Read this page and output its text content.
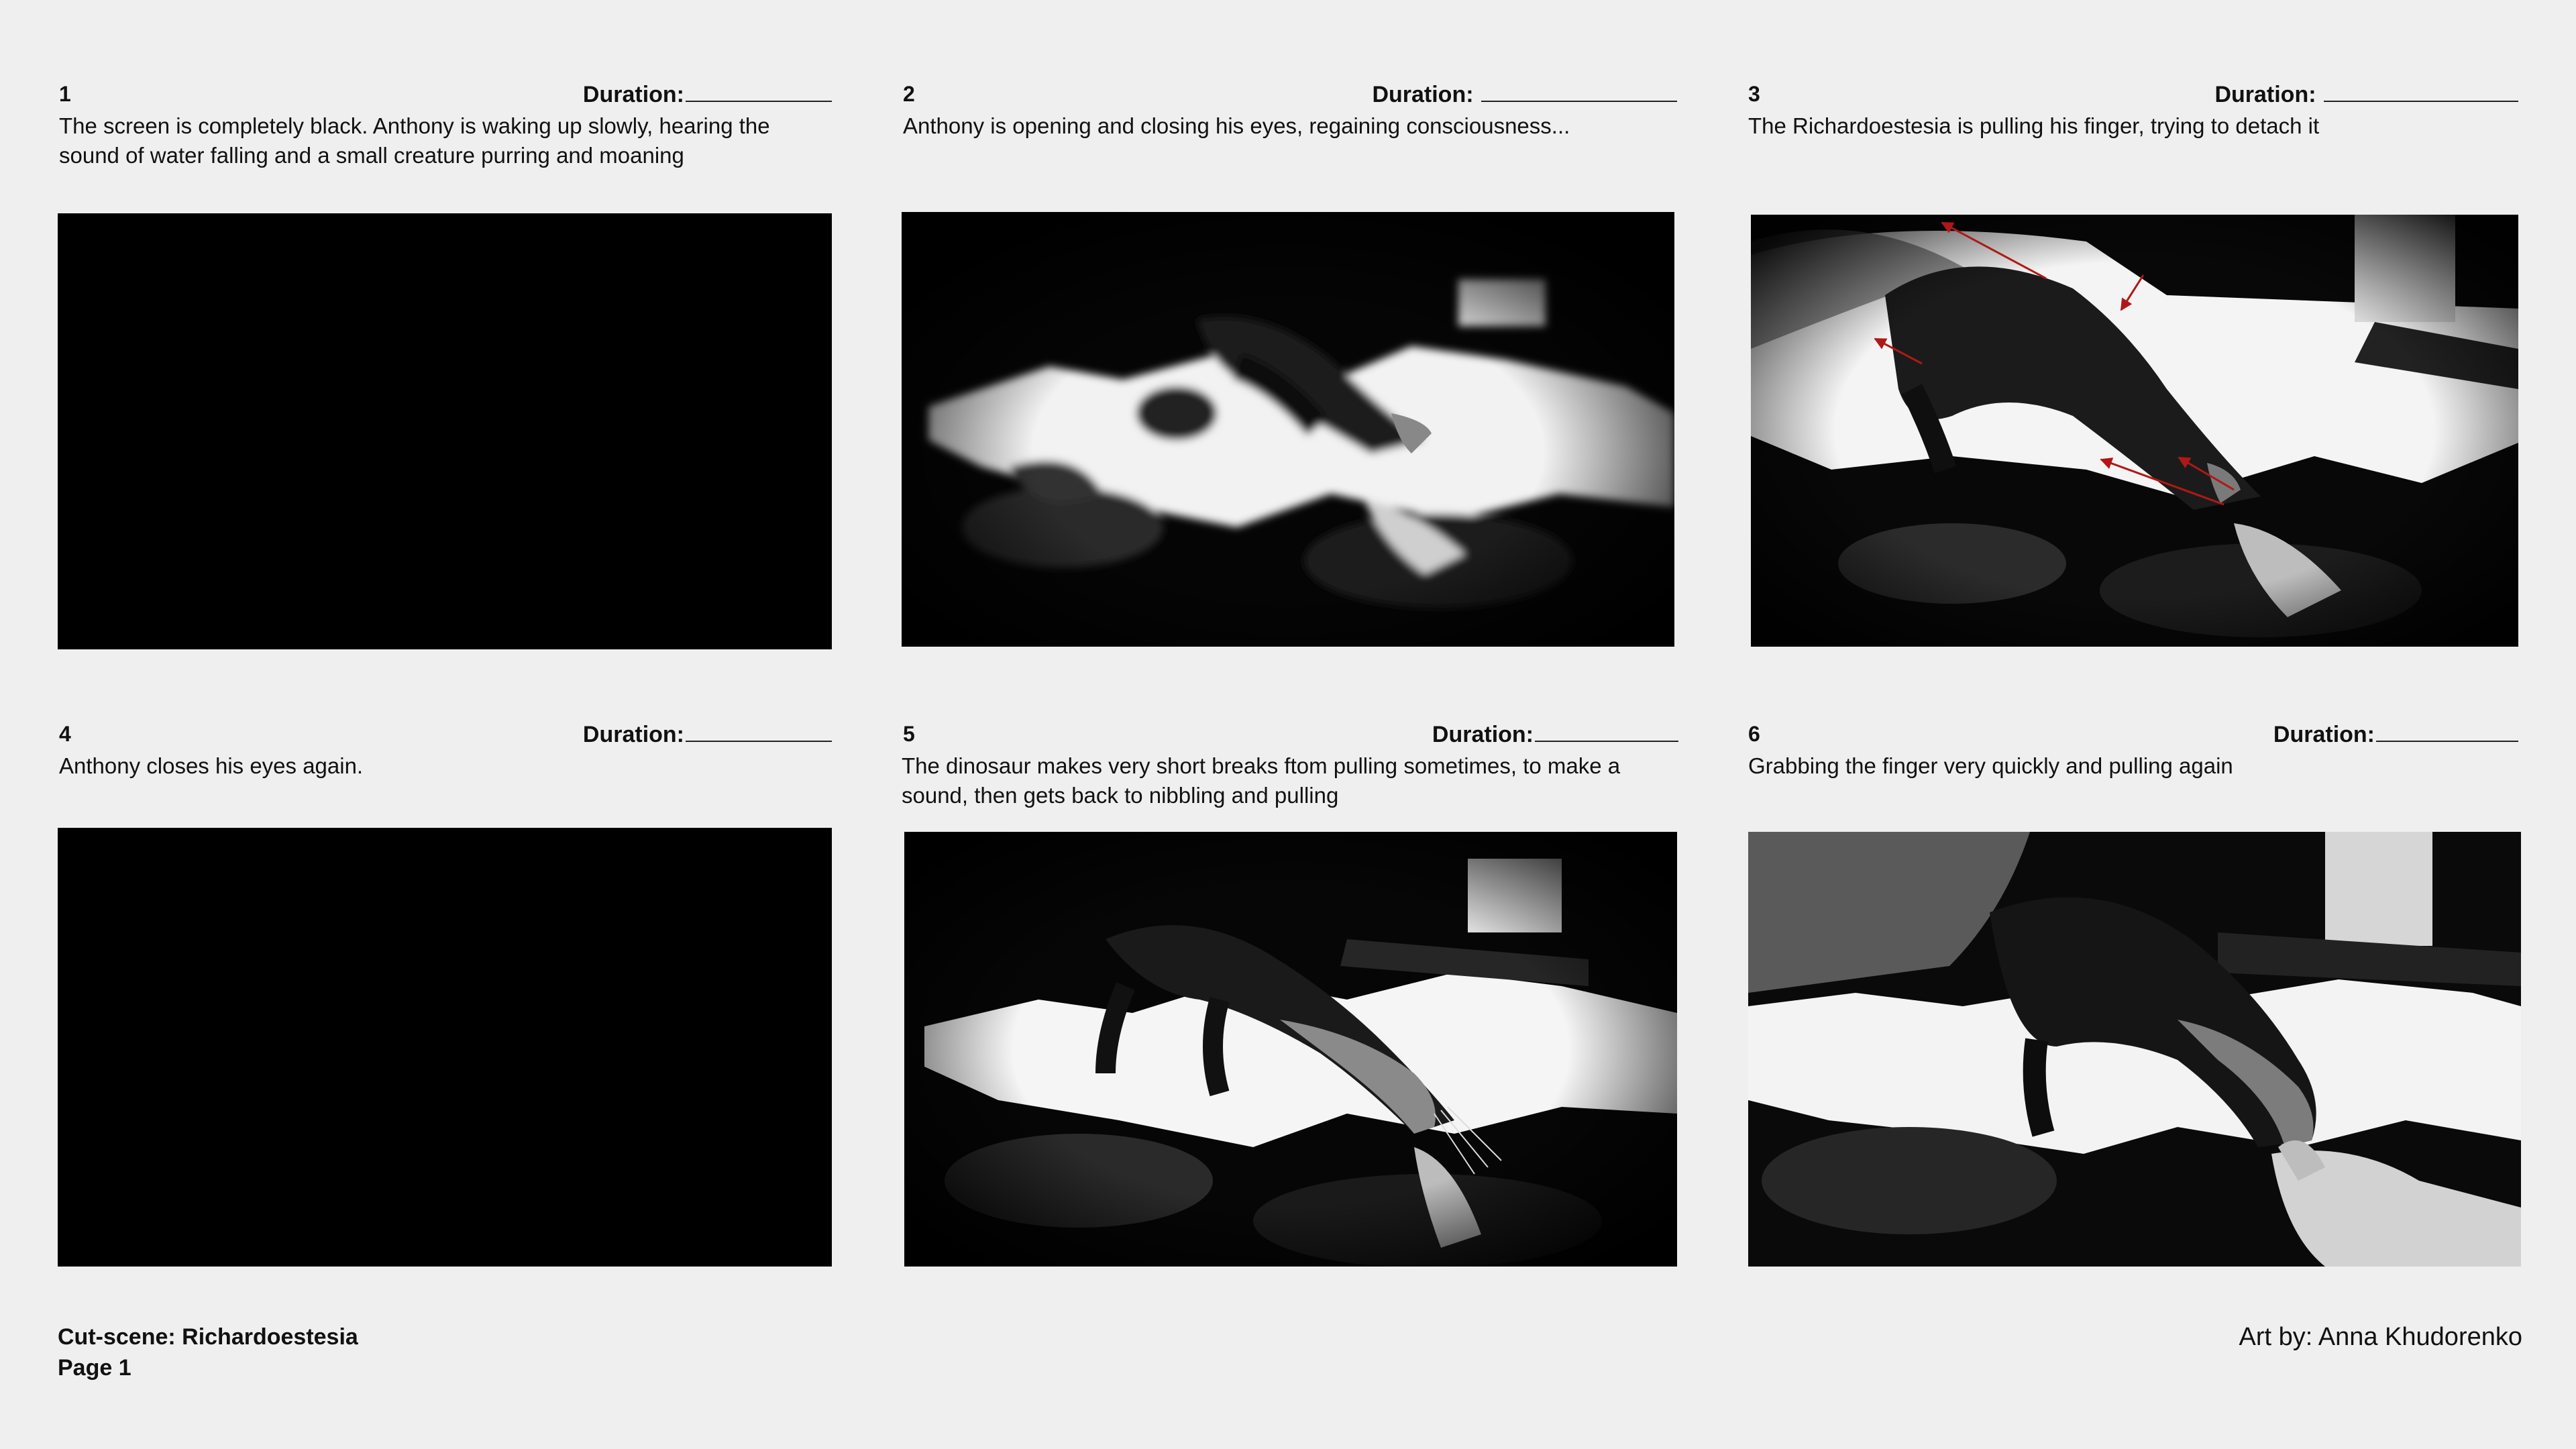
1	Duration:
The screen is completely black. Anthony is waking up slowly, hearing the sound of water falling and a small creature purring and moaning
2	Duration:
Anthony is opening and closing his eyes, regaining consciousness...
3	Duration:
The Richardoestesia is pulling his finger, trying to detach it
4	Duration:
Anthony closes his eyes again.
5	Duration:
The dinosaur makes very short breaks ftom pulling sometimes, to make a sound, then gets back to nibbling and pulling
6	Duration:
Grabbing the finger very quickly and pulling again
Cut-scene: Richardoestesia
Page 1
Art by: Anna Khudorenko
